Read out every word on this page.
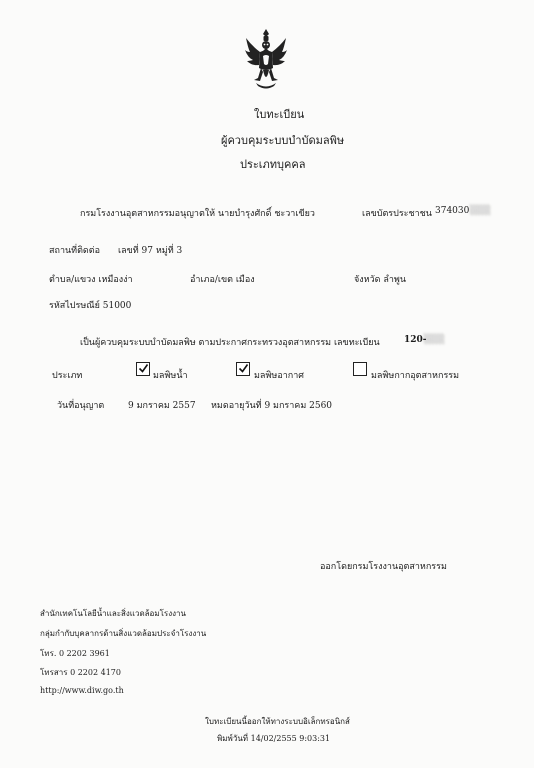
ใบทะเบียน
ผู้ควบคุมระบบบำบัดมลพิษ
ประเภทบุคคล
กรมโรงงานอุตสาหกรรมอนุญาตให้ นายบำรุงศักดิ์ ชะวาเขียว	เลขบัตรประชาชน 374030 ░░░
สถานที่ติดต่อ เลขที่ 97 หมู่ที่ 3
ตำบล/แขวง เหมืองง่า	อำเภอ/เขต เมือง	จังหวัด ลำพูน
รหัสไปรษณีย์ 51000
เป็นผู้ควบคุมระบบบำบัดมลพิษ ตามประกาศกระทรวงอุตสาหกรรม เลขทะเบียน	120-
░░░
ประเภท	มลพิษน้ำ	มลพิษอากาศ	มลพิษกากอุตสาหกรรม
วันที่อนุญาต	9 มกราคม 2557 หมดอายุวันที่ 9 มกราคม 2560
ออกโดยกรมโรงงานอุตสาหกรรม
สำนักเทคโนโลยีน้ำและสิ่งแวดล้อมโรงงาน
กลุ่มกำกับบุคลากรด้านสิ่งแวดล้อมประจำโรงงาน
โทร. 0 2202 3961
โทรสาร 0 2202 4170
http://www.diw.go.th
ใบทะเบียนนี้ออกให้ทางระบบอิเล็กทรอนิกส์
พิมพ์วันที่ 14/02/2555 9:03:31
